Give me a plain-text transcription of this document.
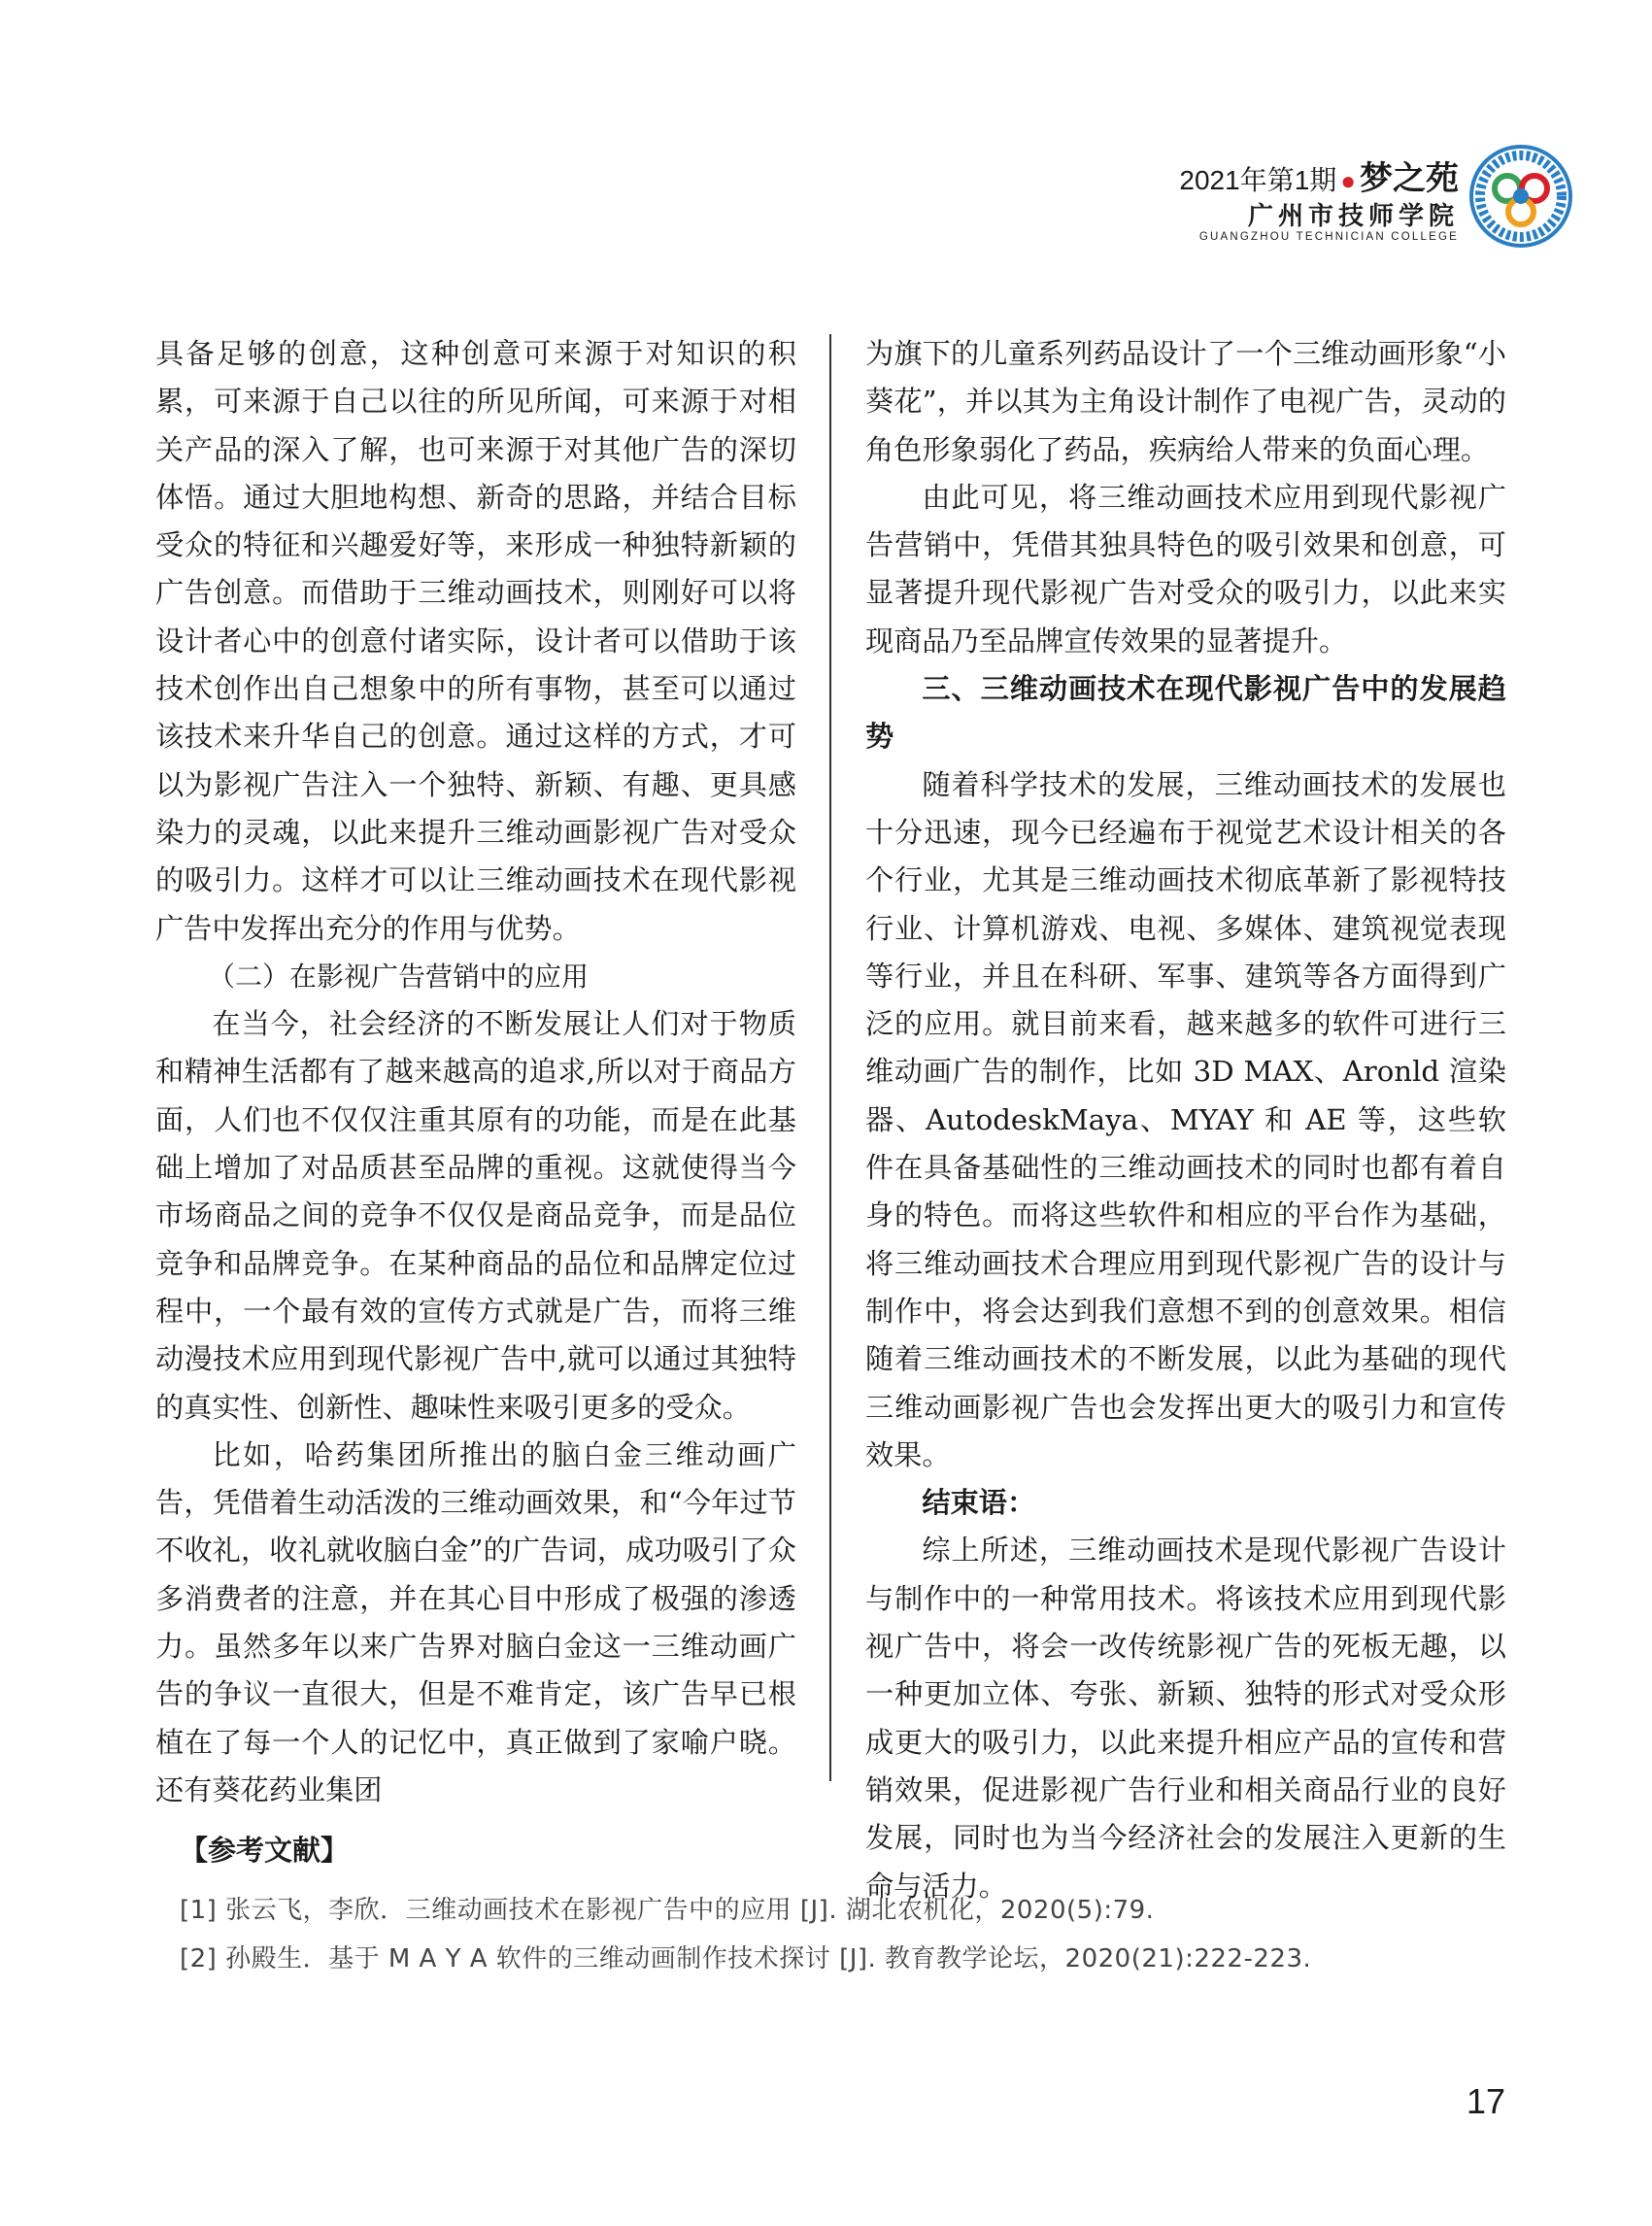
2021年第1期 ● 梦之苑
广州市技师学院
GUANGZHOU TECHNICIAN COLLEGE

具备足够的创意，这种创意可来源于对知识的积累，可来源于自己以往的所见所闻，可来源于对相关产品的深入了解，也可来源于对其他广告的深切体悟。通过大胆地构想、新奇的思路，并结合目标受众的特征和兴趣爱好等，来形成一种独特新颖的广告创意。而借助于三维动画技术，则刚好可以将设计者心中的创意付诸实际，设计者可以借助于该技术创作出自己想象中的所有事物，甚至可以通过该技术来升华自己的创意。通过这样的方式，才可以为影视广告注入一个独特、新颖、有趣、更具感染力的灵魂，以此来提升三维动画影视广告对受众的吸引力。这样才可以让三维动画技术在现代影视广告中发挥出充分的作用与优势。

（二）在影视广告营销中的应用

在当今，社会经济的不断发展让人们对于物质和精神生活都有了越来越高的追求,所以对于商品方面，人们也不仅仅注重其原有的功能，而是在此基础上增加了对品质甚至品牌的重视。这就使得当今市场商品之间的竞争不仅仅是商品竞争，而是品位竞争和品牌竞争。在某种商品的品位和品牌定位过程中，一个最有效的宣传方式就是广告，而将三维动漫技术应用到现代影视广告中,就可以通过其独特的真实性、创新性、趣味性来吸引更多的受众。

比如，哈药集团所推出的脑白金三维动画广告，凭借着生动活泼的三维动画效果，和“今年过节不收礼，收礼就收脑白金”的广告词，成功吸引了众多消费者的注意，并在其心目中形成了极强的渗透力。虽然多年以来广告界对脑白金这一三维动画广告的争议一直很大，但是不难肯定，该广告早已根植在了每一个人的记忆中，真正做到了家喻户晓。还有葵花药业集团

为旗下的儿童系列药品设计了一个三维动画形象“小葵花”，并以其为主角设计制作了电视广告，灵动的角色形象弱化了药品，疾病给人带来的负面心理。

由此可见，将三维动画技术应用到现代影视广告营销中，凭借其独具特色的吸引效果和创意，可显著提升现代影视广告对受众的吸引力，以此来实现商品乃至品牌宣传效果的显著提升。

三、三维动画技术在现代影视广告中的发展趋势

随着科学技术的发展，三维动画技术的发展也十分迅速，现今已经遍布于视觉艺术设计相关的各个行业，尤其是三维动画技术彻底革新了影视特技行业、计算机游戏、电视、多媒体、建筑视觉表现等行业，并且在科研、军事、建筑等各方面得到广泛的应用。就目前来看，越来越多的软件可进行三维动画广告的制作，比如 3D MAX、Aronld 渲染器、AutodeskMaya、MYAY 和 AE 等，这些软件在具备基础性的三维动画技术的同时也都有着自身的特色。而将这些软件和相应的平台作为基础，将三维动画技术合理应用到现代影视广告的设计与制作中，将会达到我们意想不到的创意效果。相信随着三维动画技术的不断发展，以此为基础的现代三维动画影视广告也会发挥出更大的吸引力和宣传效果。

结束语：

综上所述，三维动画技术是现代影视广告设计与制作中的一种常用技术。将该技术应用到现代影视广告中，将会一改传统影视广告的死板无趣，以一种更加立体、夸张、新颖、独特的形式对受众形成更大的吸引力，以此来提升相应产品的宣传和营销效果，促进影视广告行业和相关商品行业的良好发展，同时也为当今经济社会的发展注入更新的生命与活力。

【参考文献】
[1] 张云飞，李欣．三维动画技术在影视广告中的应用 [J]. 湖北农机化，2020(5):79.
[2] 孙殿生．基于 M A Y A 软件的三维动画制作技术探讨 [J]. 教育教学论坛，2020(21):222-223.
17
